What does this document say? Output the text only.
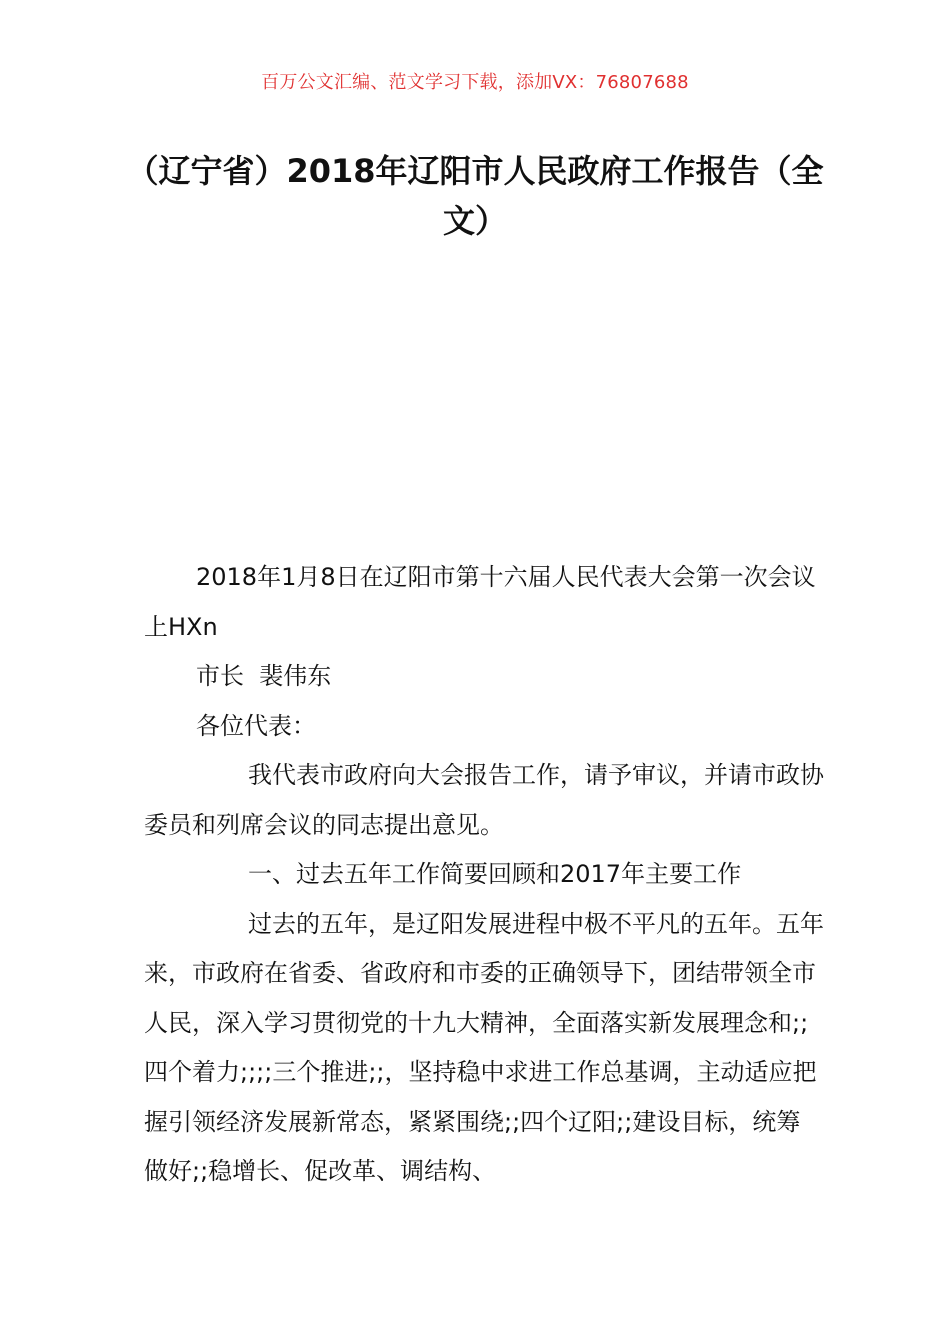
百万公文汇编、范文学习下载，添加VX：76807688
（辽宁省）2018年辽阳市人民政府工作报告（全文）

2018年1月8日在辽阳市第十六届人民代表大会第一次会议上HXn

市长  裴伟东

各位代表：

我代表市政府向大会报告工作，请予审议，并请市政协委员和列席会议的同志提出意见。

一、过去五年工作简要回顾和2017年主要工作

过去的五年，是辽阳发展进程中极不平凡的五年。五年来，市政府在省委、省政府和市委的正确领导下，团结带领全市人民，深入学习贯彻党的十九大精神，全面落实新发展理念和;;四个着力;;;;三个推进;;，坚持稳中求进工作总基调，主动适应把握引领经济发展新常态，紧紧围绕;;四个辽阳;;建设目标，统筹做好;;稳增长、促改革、调结构、
